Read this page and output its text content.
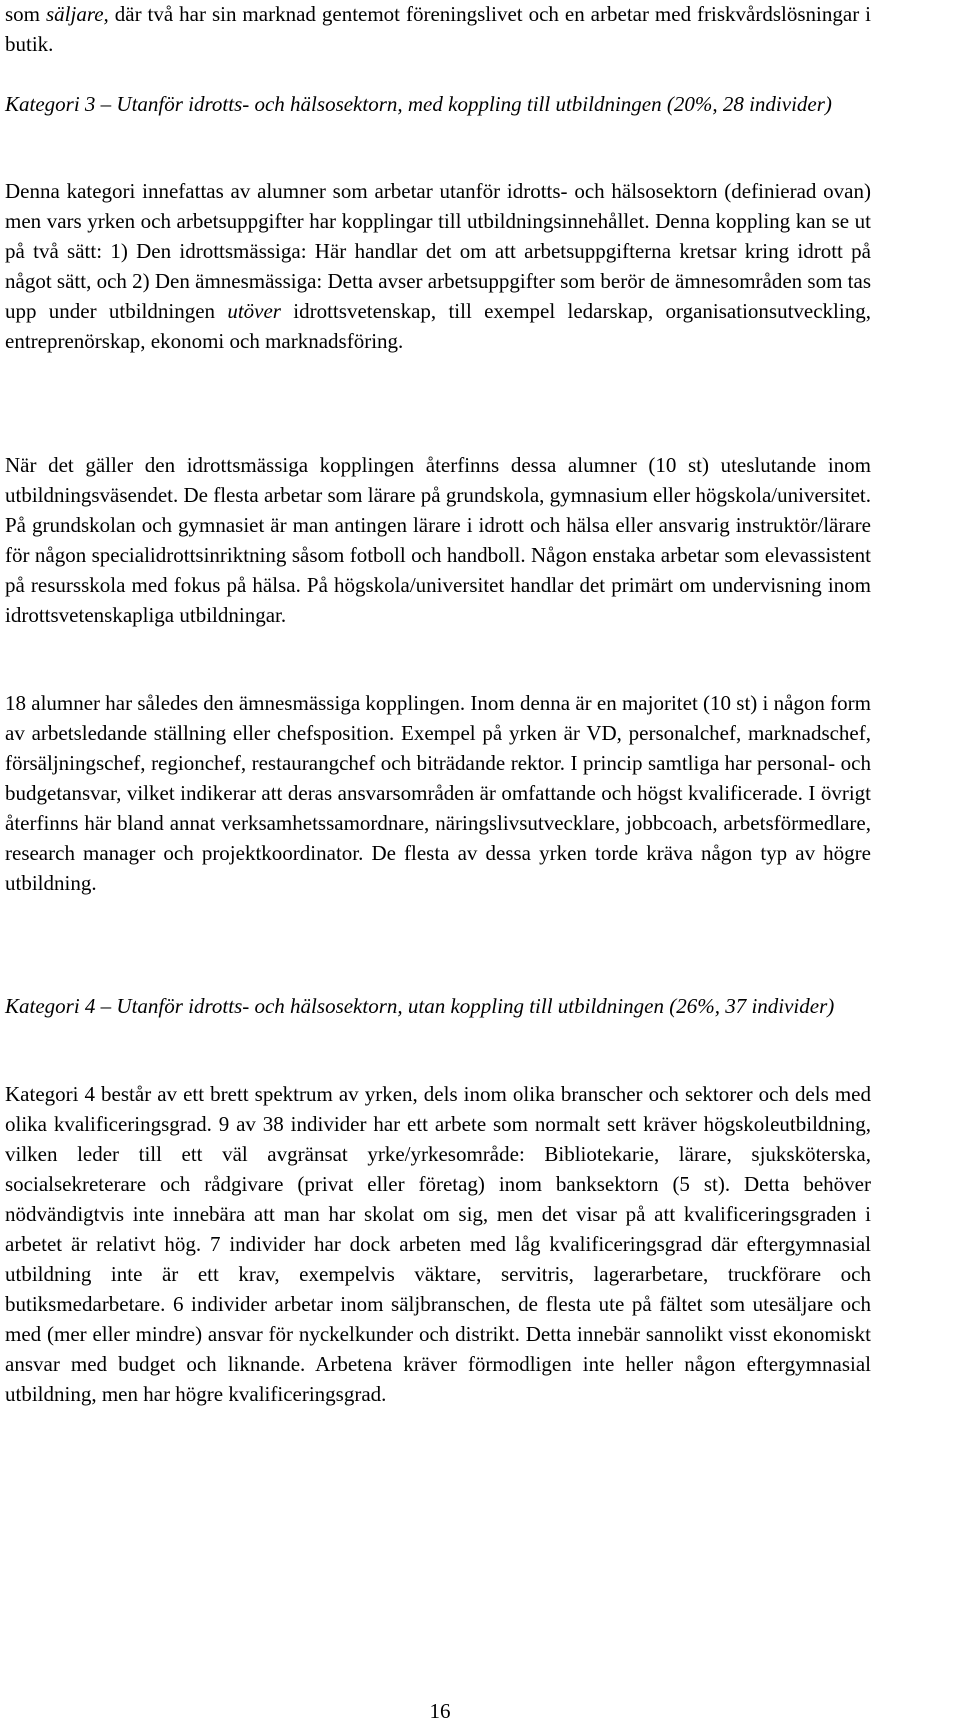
som säljare, där två har sin marknad gentemot föreningslivet och en arbetar med friskvårdslösningar i butik.

Kategori 3 – Utanför idrotts- och hälsosektorn, med koppling till utbildningen (20%, 28 individer)

Denna kategori innefattas av alumner som arbetar utanför idrotts- och hälsosektorn (definierad ovan) men vars yrken och arbetsuppgifter har kopplingar till utbildningsinnehållet. Denna koppling kan se ut på två sätt: 1) Den idrottsmässiga: Här handlar det om att arbetsuppgifterna kretsar kring idrott på något sätt, och 2) Den ämnesmässiga: Detta avser arbetsuppgifter som berör de ämnesområden som tas upp under utbildningen utöver idrottsvetenskap, till exempel ledarskap, organisationsutveckling, entreprenörskap, ekonomi och marknadsföring.

När det gäller den idrottsmässiga kopplingen återfinns dessa alumner (10 st) uteslutande inom utbildningsväsendet. De flesta arbetar som lärare på grundskola, gymnasium eller högskola/universitet. På grundskolan och gymnasiet är man antingen lärare i idrott och hälsa eller ansvarig instruktör/lärare för någon specialidrottsinriktning såsom fotboll och handboll. Någon enstaka arbetar som elevassistent på resursskola med fokus på hälsa. På högskola/universitet handlar det primärt om undervisning inom idrottsvetenskapliga utbildningar.

18 alumner har således den ämnesmässiga kopplingen. Inom denna är en majoritet (10 st) i någon form av arbetsledande ställning eller chefsposition. Exempel på yrken är VD, personalchef, marknadschef, försäljningschef, regionchef, restaurangchef och biträdande rektor. I princip samtliga har personal- och budgetansvar, vilket indikerar att deras ansvarsområden är omfattande och högst kvalificerade. I övrigt återfinns här bland annat verksamhetssamordnare, näringslivsutvecklare, jobbcoach, arbetsförmedlare, research manager och projektkoordinator. De flesta av dessa yrken torde kräva någon typ av högre utbildning.

Kategori 4 – Utanför idrotts- och hälsosektorn, utan koppling till utbildningen (26%, 37 individer)

Kategori 4 består av ett brett spektrum av yrken, dels inom olika branscher och sektorer och dels med olika kvalificeringsgrad. 9 av 38 individer har ett arbete som normalt sett kräver högskoleutbildning, vilken leder till ett väl avgränsat yrke/yrkesområde: Bibliotekarie, lärare, sjuksköterska, socialsekreterare och rådgivare (privat eller företag) inom banksektorn (5 st). Detta behöver nödvändigtvis inte innebära att man har skolat om sig, men det visar på att kvalificeringsgraden i arbetet är relativt hög. 7 individer har dock arbeten med låg kvalificeringsgrad där eftergymnasial utbildning inte är ett krav, exempelvis väktare, servitris, lagerarbetare, truckförare och butiksmedarbetare. 6 individer arbetar inom säljbranschen, de flesta ute på fältet som utesäljare och med (mer eller mindre) ansvar för nyckelkunder och distrikt. Detta innebär sannolikt visst ekonomiskt ansvar med budget och liknande. Arbetena kräver förmodligen inte heller någon eftergymnasial utbildning, men har högre kvalificeringsgrad.

16
